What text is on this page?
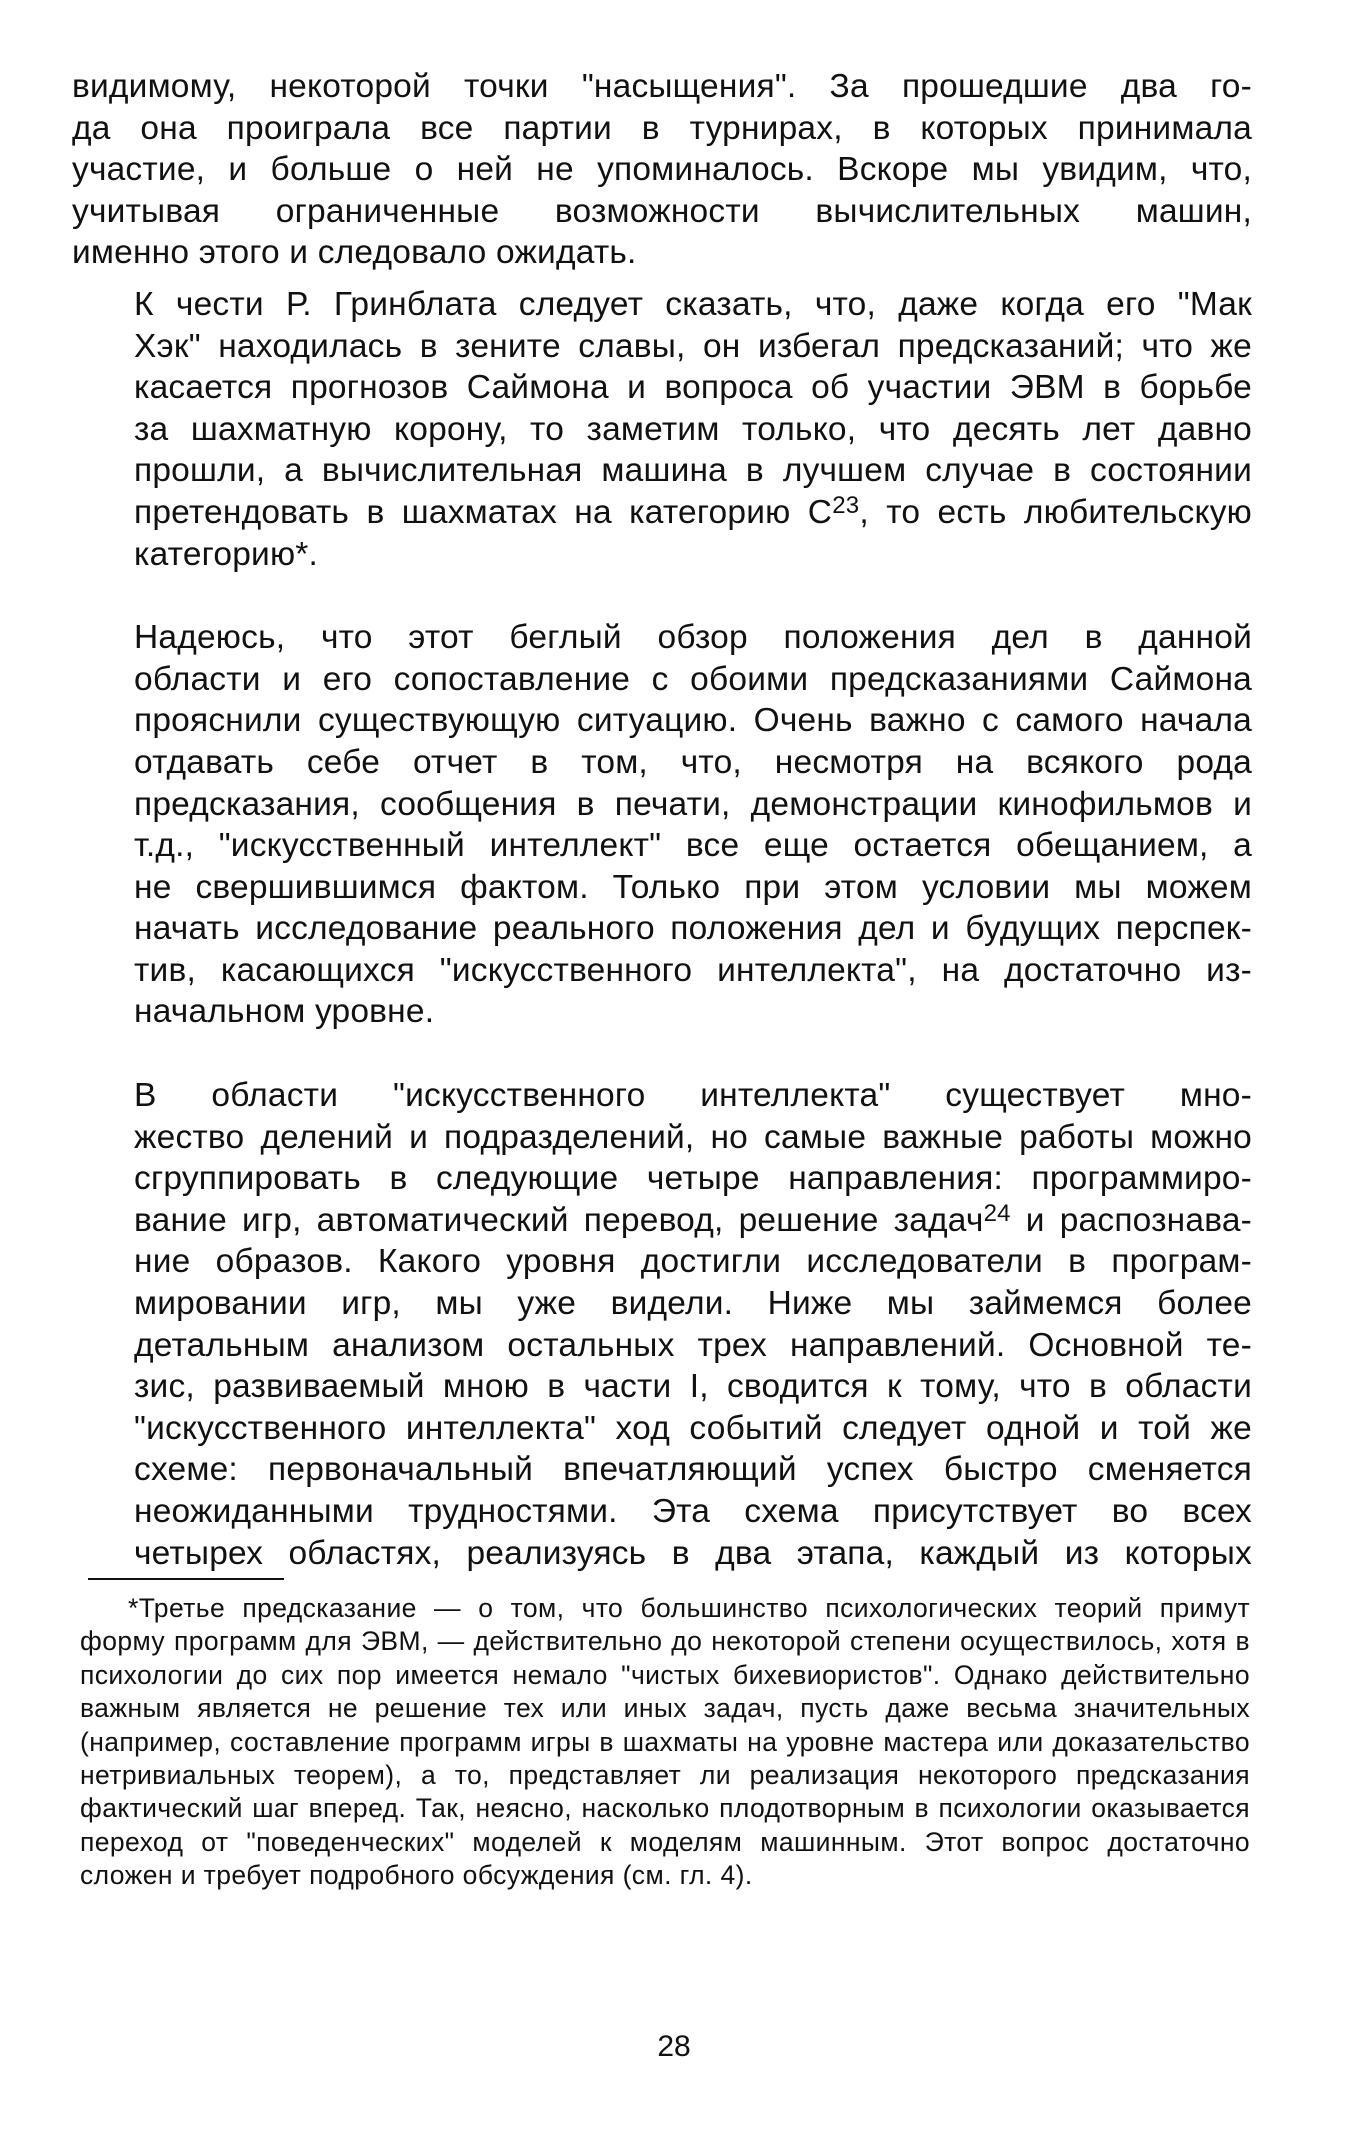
видимому, некоторой точки "насыщения". За прошедшие два го-
да она проиграла все партии в турнирах, в которых принимала
участие, и больше о ней не упоминалось. Вскоре мы увидим, что,
учитывая ограниченные возможности вычислительных машин,
именно этого и следовало ожидать.

К чести Р. Гринблата следует сказать, что, даже когда его "Мак
Хэк" находилась в зените славы, он избегал предсказаний; что же
касается прогнозов Саймона и вопроса об участии ЭВМ в борьбе
за шахматную корону, то заметим только, что десять лет давно
прошли, а вычислительная машина в лучшем случае в состоянии
претендовать в шахматах на категорию $С^{23}$, то есть любительскую
категорию*.

Надеюсь, что этот беглый обзор положения дел в данной
области и его сопоставление с обоими предсказаниями Саймона
прояснили существующую ситуацию. Очень важно с самого начала
отдавать себе отчет в том, что, несмотря на всякого рода
предсказания, сообщения в печати, демонстрации кинофильмов и
т.д., "искусственный интеллект" все еще остается обещанием, а
не свершившимся фактом. Только при этом условии мы можем
начать исследование реального положения дел и будущих перспек-
тив, касающихся "искусственного интеллекта", на достаточно из-
начальном уровне.

В области "искусственного интеллекта" существует мно-
жество делений и подразделений, но самые важные работы можно
сгруппировать в следующие четыре направления: программиро-
вание игр, автоматический перевод, решение задач$^{24}$ и распознава-
ние образов. Какого уровня достигли исследователи в програм-
мировании игр, мы уже видели. Ниже мы займемся более
детальным анализом остальных трех направлений. Основной те-
зис, развиваемый мною в части I, сводится к тому, что в области
"искусственного интеллекта" ход событий следует одной и той же
схеме: первоначальный впечатляющий успех быстро сменяется
неожиданными трудностями. Эта схема присутствует во всех
четырех областях, реализуясь в два этапа, каждый из которых

*Третье предсказание — о том, что большинство психологических теорий примут форму программ для ЭВМ, — действительно до некоторой степени осуществилось, хотя в психологии до сих пор имеется немало "чистых бихевиористов". Однако действительно важным является не решение тех или иных задач, пусть даже весьма значительных (например, составление программ игры в шахматы на уровне мастера или доказательство нетривиальных теорем), а то, представляет ли реализация некоторого предсказания фактический шаг вперед. Так, неясно, насколько плодотворным в психологии оказывается переход от "поведенческих" моделей к моделям машинным. Этот вопрос достаточно сложен и требует подробного обсуждения (см. гл. 4).

28
